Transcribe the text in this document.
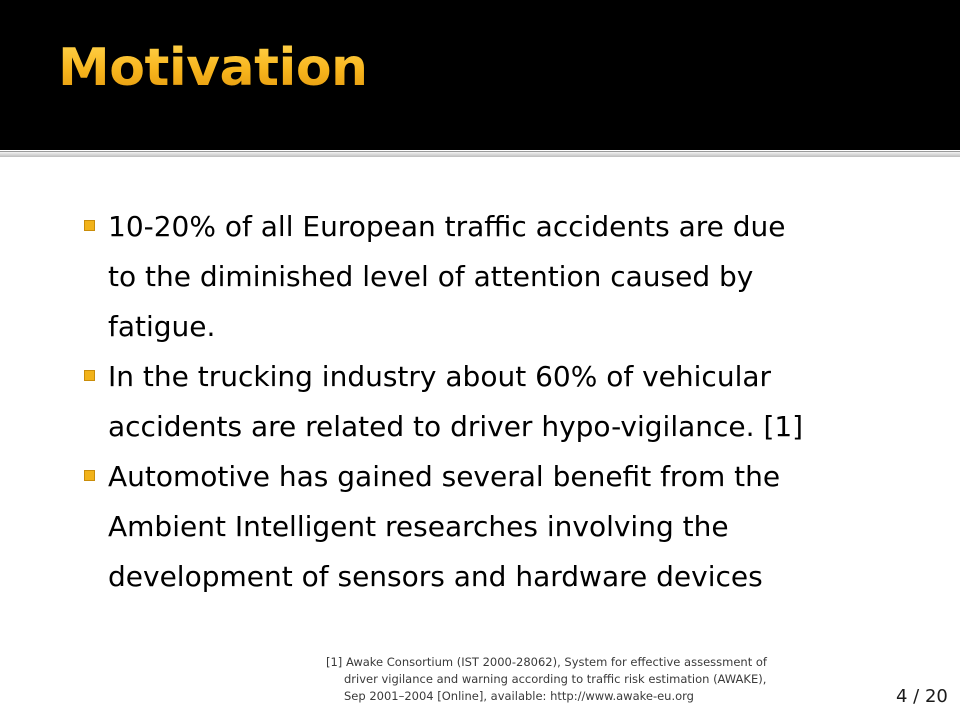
Motivation
10-20% of all European traffic accidents are due
to the diminished level of attention caused by
fatigue.
In the trucking industry about 60% of vehicular
accidents are related to driver hypo-vigilance. [1]
Automotive has gained several benefit from the
Ambient Intelligent researches involving the
development of sensors and hardware devices

[1] Awake Consortium (IST 2000-28062), System for effective assessment of
driver vigilance and warning according to traffic risk estimation (AWAKE),
Sep 2001–2004 [Online], available: http://www.awake-eu.org	4 / 20
